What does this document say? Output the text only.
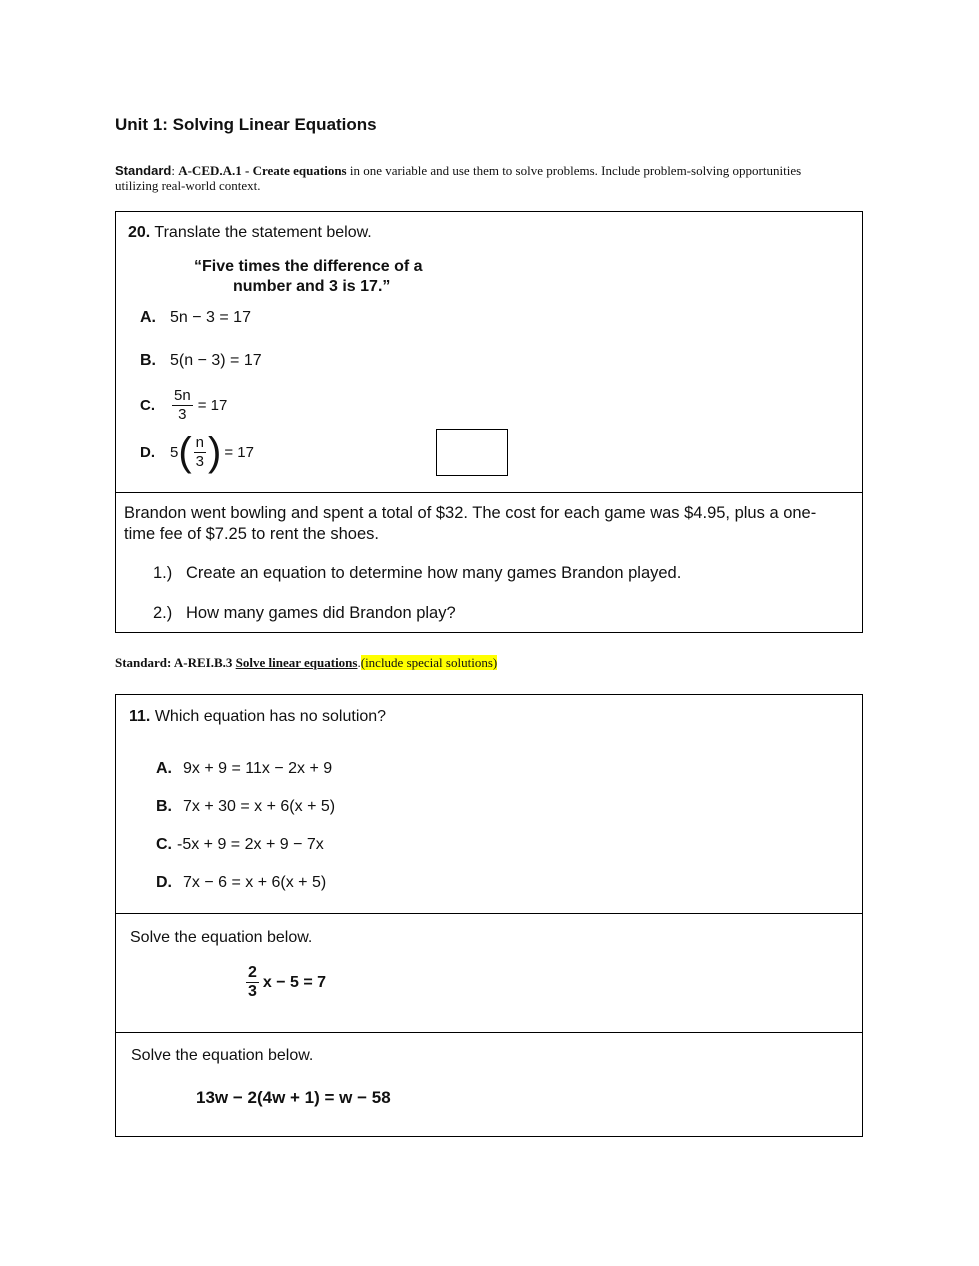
Unit 1: Solving Linear Equations
Standard: A-CED.A.1 - Create equations in one variable and use them to solve problems. Include problem-solving opportunities utilizing real-world context.
20. Translate the statement below.
“Five times the difference of a
number and 3 is 17.”
A. 5n − 3 = 17
B. 5(n − 3) = 17
C.	$\frac{5n}{3} = 17$
D.	5 ( $\frac{n}{3}$ ) = 17
Brandon went bowling and spent a total of $32. The cost for each game was $4.95, plus a one-time fee of $7.25 to rent the shoes.
1.) Create an equation to determine how many games Brandon played.
2.) How many games did Brandon play?
Standard: A-REI.B.3 Solve linear equations.(include special solutions)
11. Which equation has no solution?
A. 9x + 9 = 11x − 2x + 9
B. 7x + 30 = x + 6(x + 5)
C. -5x + 9 = 2x + 9 − 7x
D. 7x − 6 = x + 6(x + 5)
Solve the equation below.
$\frac{2}{3}$ x − 5 = 7
Solve the equation below.
13w − 2(4w + 1) = w − 58
